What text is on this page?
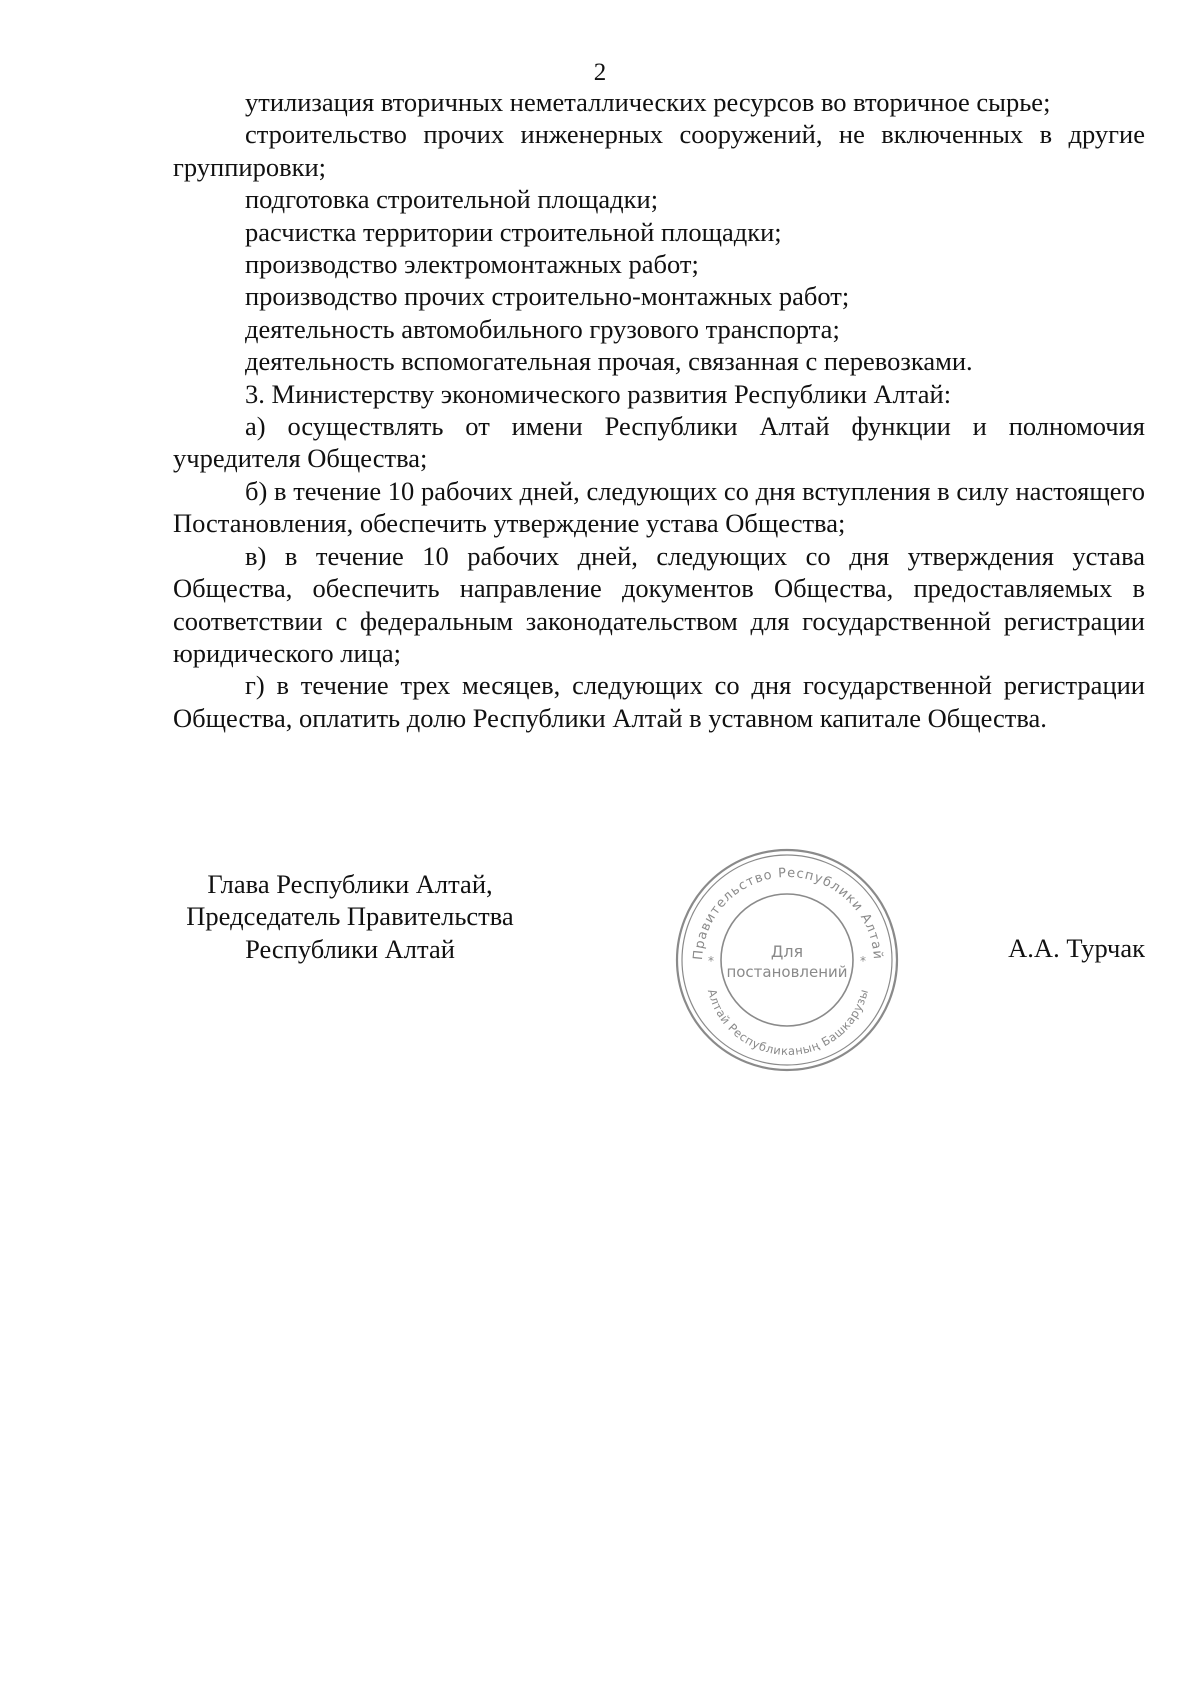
2

утилизация вторичных неметаллических ресурсов во вторичное сырье;

строительство прочих инженерных сооружений, не включенных в другие группировки;

подготовка строительной площадки;

расчистка территории строительной площадки;

производство электромонтажных работ;

производство прочих строительно-монтажных работ;

деятельность автомобильного грузового транспорта;

деятельность вспомогательная прочая, связанная с перевозками.

3. Министерству экономического развития Республики Алтай:

а) осуществлять от имени Республики Алтай функции и полномочия учредителя Общества;

б) в течение 10 рабочих дней, следующих со дня вступления в силу настоящего Постановления, обеспечить утверждение устава Общества;

в) в течение 10 рабочих дней, следующих со дня утверждения устава Общества, обеспечить направление документов Общества, предоставляемых в соответствии с федеральным законодательством для государственной регистрации юридического лица;

г) в течение трех месяцев, следующих со дня государственной регистрации Общества, оплатить долю Республики Алтай в уставном капитале Общества.

Глава Республики Алтай,
Председатель Правительства
Республики Алтай	Правительство Республики Алтай
Алтай Республиканың Башкарузы
Для
постановлений
*	*	А.А. Турчак
